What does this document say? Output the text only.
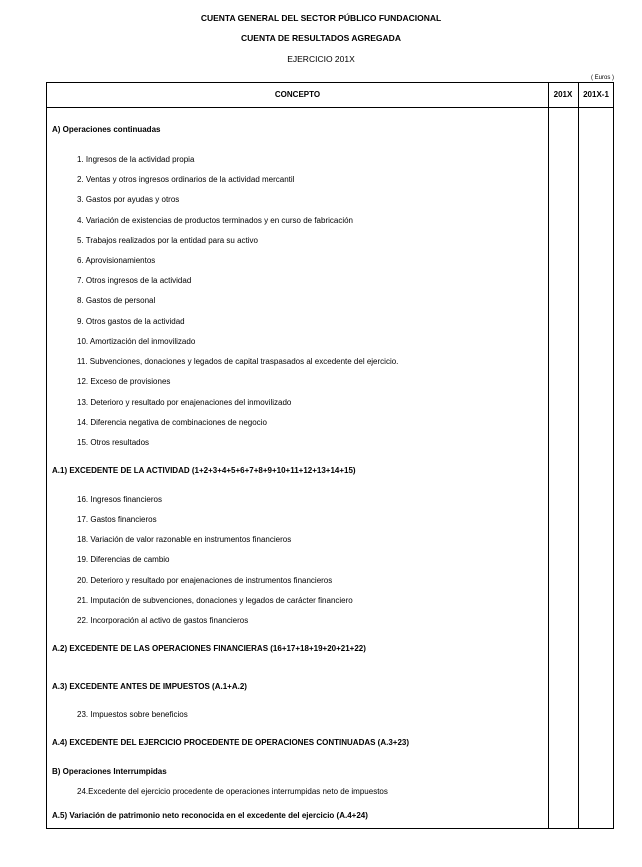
CUENTA GENERAL DEL SECTOR PÚBLICO FUNDACIONAL
CUENTA DE RESULTADOS AGREGADA
EJERCICIO 201X
( Euros )
CONCEPTO	201X	201X-1
A) Operaciones continuadas
1. Ingresos de la actividad propia
2. Ventas y otros ingresos ordinarios de la actividad mercantil
3. Gastos por ayudas y otros
4. Variación de existencias de productos terminados y en curso de fabricación
5. Trabajos realizados por la entidad para su activo
6. Aprovisionamientos
7. Otros ingresos de la actividad
8. Gastos de personal
9. Otros gastos de la actividad
10. Amortización del inmovilizado
11. Subvenciones, donaciones y legados de capital traspasados al excedente del ejercicio.
12. Exceso de provisiones
13. Deterioro y resultado por enajenaciones del inmovilizado
14. Diferencia negativa de combinaciones de negocio
15. Otros resultados
A.1) EXCEDENTE DE LA ACTIVIDAD (1+2+3+4+5+6+7+8+9+10+11+12+13+14+15)
16. Ingresos financieros
17. Gastos financieros
18. Variación de valor razonable en instrumentos financieros
19. Diferencias de cambio
20. Deterioro y resultado por enajenaciones de instrumentos financieros
21. Imputación de subvenciones, donaciones y legados de carácter financiero
22. Incorporación al activo de gastos financieros
A.2) EXCEDENTE DE LAS OPERACIONES FINANCIERAS (16+17+18+19+20+21+22)
A.3) EXCEDENTE ANTES DE IMPUESTOS (A.1+A.2)
23. Impuestos sobre beneficios
A.4) EXCEDENTE DEL EJERCICIO PROCEDENTE DE OPERACIONES CONTINUADAS (A.3+23)
B) Operaciones Interrumpidas
24.Excedente del ejercicio procedente de operaciones interrumpidas neto de impuestos
A.5) Variación de patrimonio neto reconocida en el excedente del ejercicio (A.4+24)
